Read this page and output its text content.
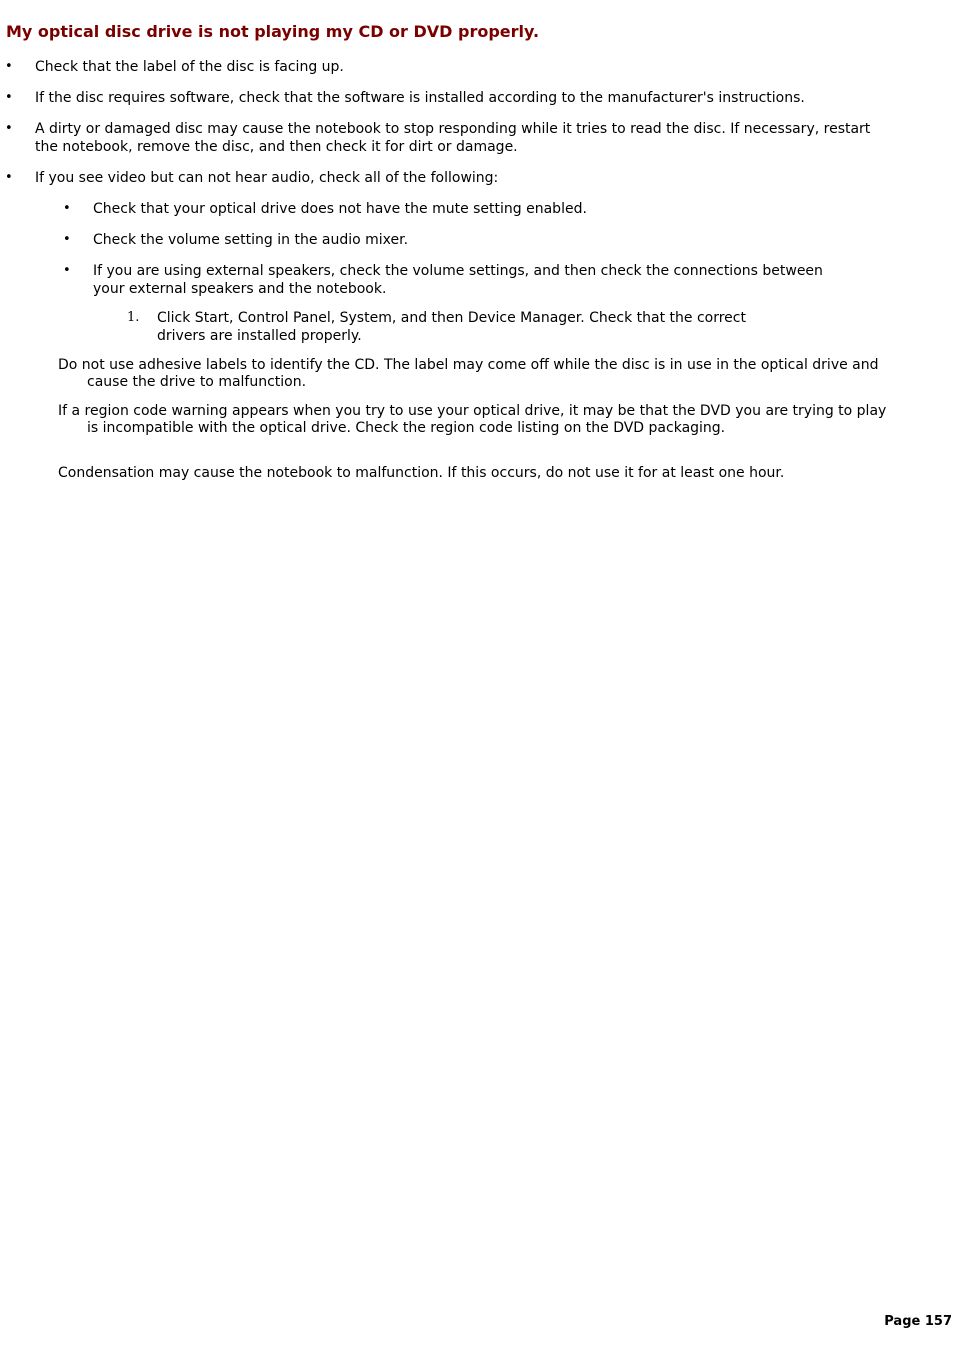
My optical disc drive is not playing my CD or DVD properly.
•	Check that the label of the disc is facing up.
•	If the disc requires software, check that the software is installed according to the manufacturer's instructions.
•	A dirty or damaged disc may cause the notebook to stop responding while it tries to read the disc. If necessary, restart the notebook, remove the disc, and then check it for dirt or damage.
•	If you see video but can not hear audio, check all of the following:
•	Check that your optical drive does not have the mute setting enabled.
•	Check the volume setting in the audio mixer.
•	If you are using external speakers, check the volume settings, and then check the connections between your external speakers and the notebook.
1.	Click Start, Control Panel, System, and then Device Manager. Check that the correct drivers are installed properly.

Do not use adhesive labels to identify the CD. The label may come off while the disc is in use in the optical drive and cause the drive to malfunction.

If a region code warning appears when you try to use your optical drive, it may be that the DVD you are trying to play is incompatible with the optical drive. Check the region code listing on the DVD packaging.

Condensation may cause the notebook to malfunction. If this occurs, do not use it for at least one hour.

Page 157
